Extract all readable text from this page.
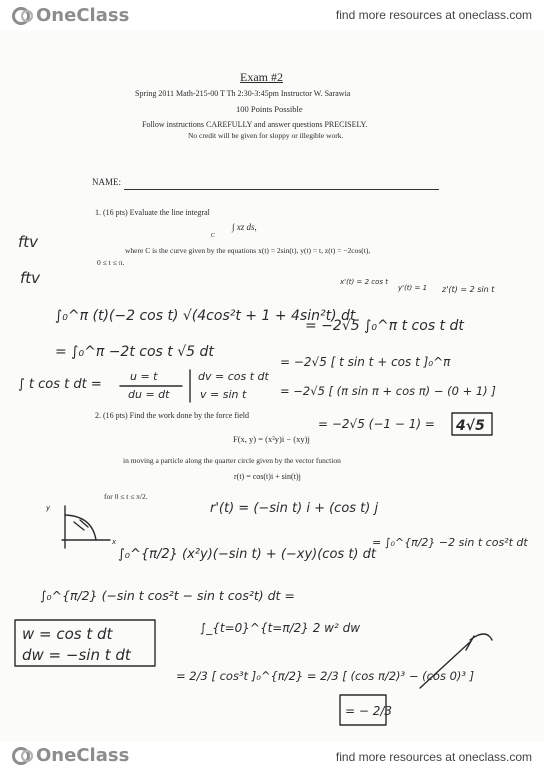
OneClass	find more resources at oneclass.com
Exam #2
Spring 2011 Math-215-00 T Th 2:30-3:45pm Instructor W. Sarawia
100 Points Possible
Follow instructions CAREFULLY and answer questions PRECISELY.
No credit will be given for sloppy or illegible work.
NAME:
1. (16 pts) Evaluate the line integral
∫ xz $ds,_C$
where C is the curve given by the equations x(t) = 2sin(t), y(t) = t, z(t) = −2cos(t),
0 ≤ t ≤ π.
2. (16 pts) Find the work done by the force field
F(x, y) = (x²y)i − (xy)j
in moving a particle along the quarter circle given by the vector function
r(t) = cos(t)i + sin(t)j
for 0 ≤ t ≤ π/2.
ftv
ftv	x'(t) = 2 cos t
y'(t) = 1 z'(t) = 2 sin t
∫₀^π (t)(−2 cos t) √(4cos²t + 1 + 4sin²t) dt
= ∫₀^π −2t cos t √5 dt
= −2√5 ∫₀^π t cos t dt
= −2√5 [ t sin t + cos t ]₀^π
∫ t cos t dt =
u = t
du = dt
dv = cos t dt
v = sin t	= −2√5 [ (π sin π + cos π) − (0 + 1) ]
= −2√5 (−1 − 1) = 4√5
r'(t) = (−sin t) i + (cos t) j
y
x
∫₀^{π/2} (x²y)(−sin t) + (−xy)(cos t) dt
= ∫₀^{π/2} −2 sin t cos²t dt
∫₀^{π/2} (−sin t cos²t − sin t cos²t) dt =
w = cos t dt
dw = −sin t dt
∫_{t=0}^{t=π/2} 2 w² dw
= 2/3 [ cos³t ]₀^{π/2} = 2/3 [ (cos π/2)³ − (cos 0)³ ]
= − 2/3
OneClass	find more resources at oneclass.com
